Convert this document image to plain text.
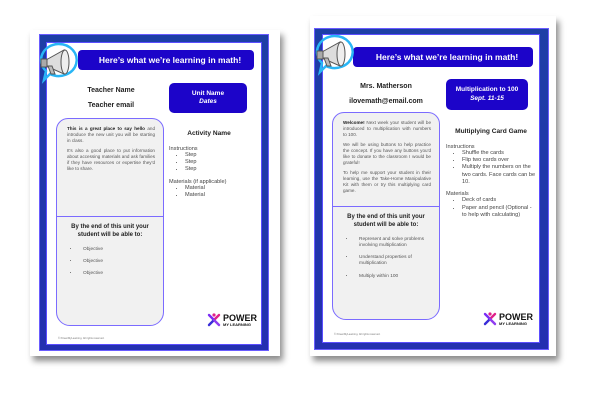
Here’s what we’re learning in math!
Teacher Name
Teacher email
Unit Name
Dates

This is a great place to say hello and introduce the new unit you will be starting in class.

It's also a good place to put information about accessing materials and ask families if they have resources or expertise they'd like to share.

By the end of this unit your student will be able to:
• Objective
• Objective
• Objective
Activity Name
Instructions
• Step
• Step
• Step
Materials (if applicable)
• Material
• Material
POWER
MY LEARNING
© PowerMyLearning. All rights reserved.
Here’s what we’re learning in math!
Mrs. Matherson
ilovemath@email.com
Multiplication to 100
Sept. 11-15

Welcome! Next week your student will be introduced to multiplication with numbers to 100.

We will be using buttons to help practice the concept. If you have any buttons you'd like to donate to the classroom I would be grateful!

To help me support your student in their learning, use the Take-Home Manipulative Kit with them or try this multiplying card game.

By the end of this unit your student will be able to:
• Represent and solve problems involving multiplication
• Understand properties of multiplication
• Multiply within 100
Multiplying Card Game
Instructions
• Shuffle the cards
• Flip two cards over
• Multiply the numbers on the two cards. Face cards can be 10.
Materials
• Deck of cards
• Paper and pencil (Optional - to help with calculating)
POWER
MY LEARNING
© PowerMyLearning. All rights reserved.
